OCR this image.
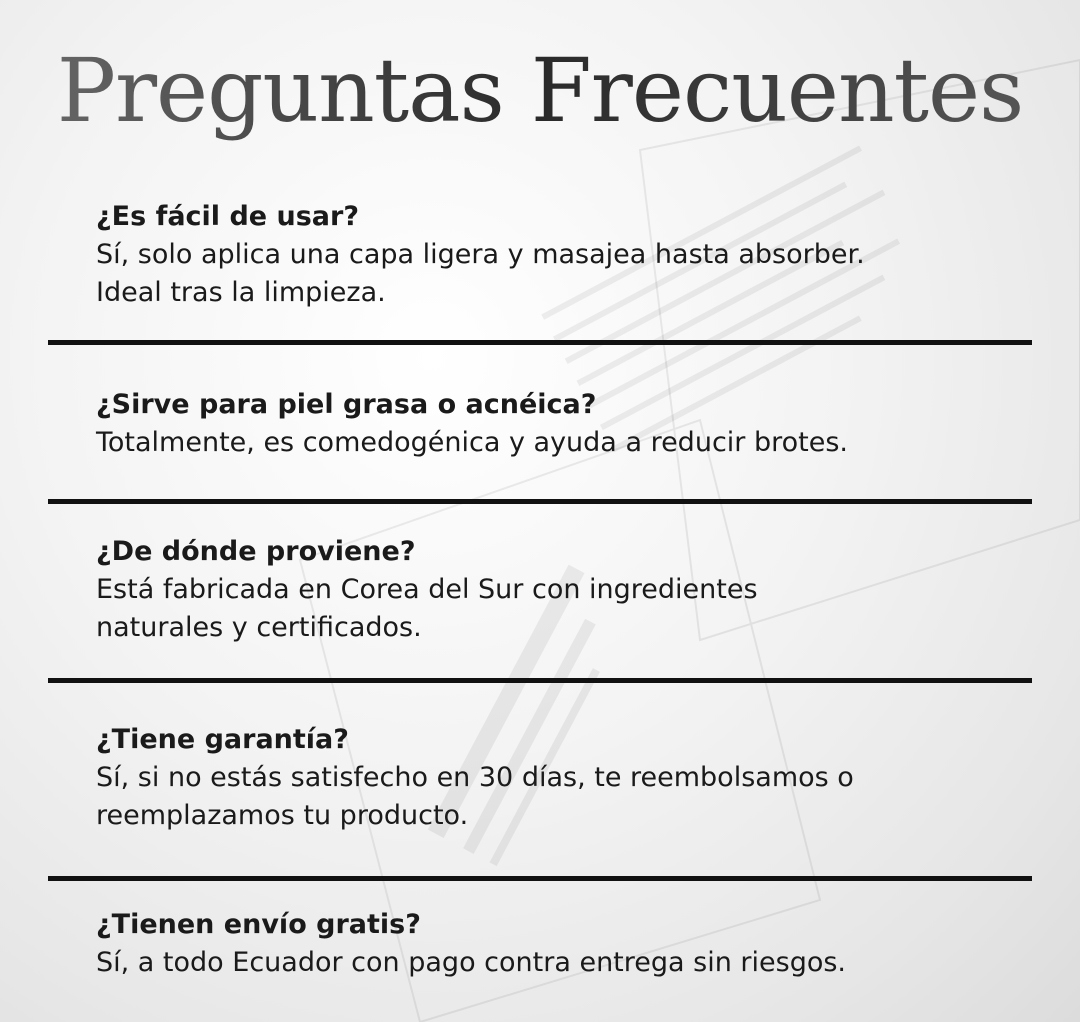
Preguntas Frecuentes

¿Es fácil de usar?

Sí, solo aplica una capa ligera y masajea hasta absorber.

Ideal tras la limpieza.

¿Sirve para piel grasa o acnéica?

Totalmente, es comedogénica y ayuda a reducir brotes.

¿De dónde proviene?

Está fabricada en Corea del Sur con ingredientes

naturales y certificados.

¿Tiene garantía?

Sí, si no estás satisfecho en 30 días, te reembolsamos o

reemplazamos tu producto.

¿Tienen envío gratis?

Sí, a todo Ecuador con pago contra entrega sin riesgos.
